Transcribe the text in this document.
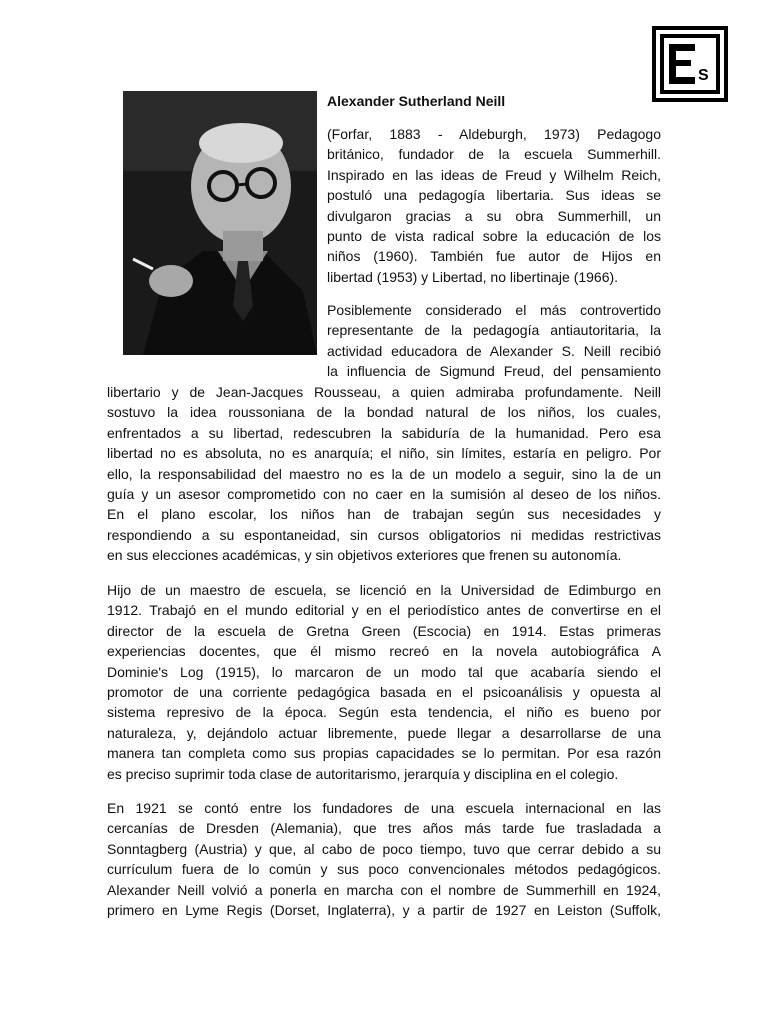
S
Alexander Sutherland Neill
(Forfar, 1883 - Aldeburgh, 1973) Pedagogo
británico, fundador de la escuela Summerhill.
Inspirado en las ideas de Freud y Wilhelm Reich,
postuló una pedagogía libertaria. Sus ideas se
divulgaron gracias a su obra Summerhill, un
punto de vista radical sobre la educación de los
niños (1960). También fue autor de Hijos en
libertad (1953) y Libertad, no libertinaje (1966).
Posiblemente considerado el más controvertido
representante de la pedagogía antiautoritaria, la
actividad educadora de Alexander S. Neill recibió
la influencia de Sigmund Freud, del pensamiento
libertario y de Jean-Jacques Rousseau, a quien admiraba profundamente. Neill
sostuvo la idea roussoniana de la bondad natural de los niños, los cuales,
enfrentados a su libertad, redescubren la sabiduría de la humanidad. Pero esa
libertad no es absoluta, no es anarquía; el niño, sin límites, estaría en peligro. Por
ello, la responsabilidad del maestro no es la de un modelo a seguir, sino la de un
guía y un asesor comprometido con no caer en la sumisión al deseo de los niños.
En el plano escolar, los niños han de trabajan según sus necesidades y
respondiendo a su espontaneidad, sin cursos obligatorios ni medidas restrictivas
en sus elecciones académicas, y sin objetivos exteriores que frenen su autonomía.
Hijo de un maestro de escuela, se licenció en la Universidad de Edimburgo en
1912. Trabajó en el mundo editorial y en el periodístico antes de convertirse en el
director de la escuela de Gretna Green (Escocia) en 1914. Estas primeras
experiencias docentes, que él mismo recreó en la novela autobiográfica A
Dominie's Log (1915), lo marcaron de un modo tal que acabaría siendo el
promotor de una corriente pedagógica basada en el psicoanálisis y opuesta al
sistema represivo de la época. Según esta tendencia, el niño es bueno por
naturaleza, y, dejándolo actuar libremente, puede llegar a desarrollarse de una
manera tan completa como sus propias capacidades se lo permitan. Por esa razón
es preciso suprimir toda clase de autoritarismo, jerarquía y disciplina en el colegio.
En 1921 se contó entre los fundadores de una escuela internacional en las
cercanías de Dresden (Alemania), que tres años más tarde fue trasladada a
Sonntagberg (Austria) y que, al cabo de poco tiempo, tuvo que cerrar debido a su
currículum fuera de lo común y sus poco convencionales métodos pedagógicos.
Alexander Neill volvió a ponerla en marcha con el nombre de Summerhill en 1924,
primero en Lyme Regis (Dorset, Inglaterra), y a partir de 1927 en Leiston (Suffolk,
